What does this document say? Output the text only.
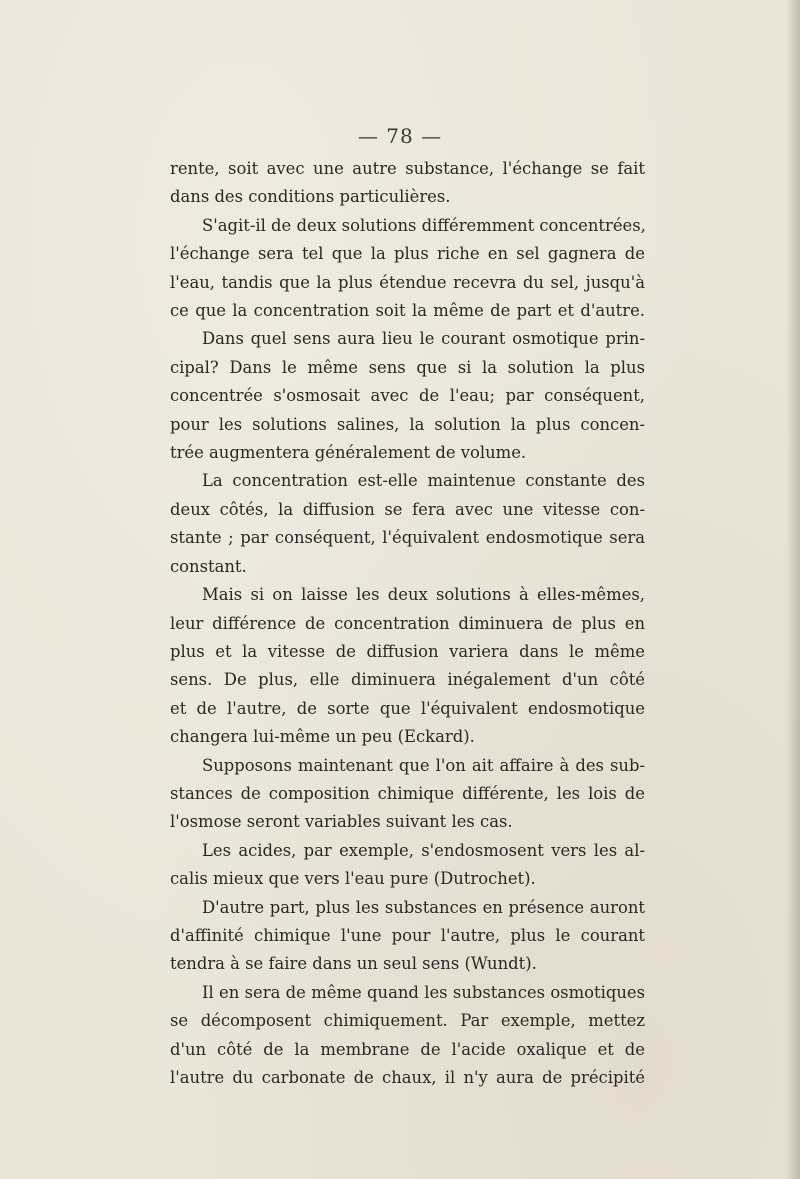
— 78 —
rente, soit avec une autre substance, l'échange se fait
dans des conditions particulières.
S'agit-il de deux solutions différemment concentrées,
l'échange sera tel que la plus riche en sel gagnera de
l'eau, tandis que la plus étendue recevra du sel, jusqu'à
ce que la concentration soit la même de part et d'autre.
Dans quel sens aura lieu le courant osmotique prin-
cipal? Dans le même sens que si la solution la plus
concentrée s'osmosait avec de l'eau; par conséquent,
pour les solutions salines, la solution la plus concen-
trée augmentera généralement de volume.
La concentration est-elle maintenue constante des
deux côtés, la diffusion se fera avec une vitesse con-
stante ; par conséquent, l'équivalent endosmotique sera
constant.
Mais si on laisse les deux solutions à elles-mêmes,
leur différence de concentration diminuera de plus en
plus et la vitesse de diffusion variera dans le même
sens. De plus, elle diminuera inégalement d'un côté
et de l'autre, de sorte que l'équivalent endosmotique
changera lui-même un peu (Eckard).
Supposons maintenant que l'on ait affaire à des sub-
stances de composition chimique différente, les lois de
l'osmose seront variables suivant les cas.
Les acides, par exemple, s'endosmosent vers les al-
calis mieux que vers l'eau pure (Dutrochet).
D'autre part, plus les substances en présence auront
d'affinité chimique l'une pour l'autre, plus le courant
tendra à se faire dans un seul sens (Wundt).
Il en sera de même quand les substances osmotiques
se décomposent chimiquement. Par exemple, mettez
d'un côté de la membrane de l'acide oxalique et de
l'autre du carbonate de chaux, il n'y aura de précipité
